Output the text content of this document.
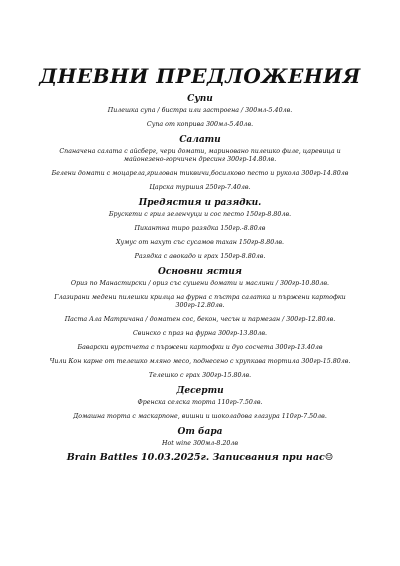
ДНЕВНИ ПРЕДЛОЖЕНИЯ
Супи
Пилешка супа / бистра или застроена / 300мл-5.40лв.
Супа от коприва 300мл-5.40лв.
Салати
Спаначена салата с айсберг, чери домати, мариновано пилешко филе, царевица и майонезено-горчичен дресинг 300гр-14.80лв.
Белени домати с моцарела,грилован тиквичи,босилково песто и рукола 300гр-14.80лв
Царска туршия 250гр-7.40лв.
Предястия и разядки.
Брускети с грил зеленчуци и сос песто 150гр-8.80лв.
Пикантна тиро разядка 150гр.-8.80лв
Хумус от нахут със сусамов тахан 150гр-8.80лв.
Разядка с авокадо и грах 150гр-8.80лв.
Основни ястия
Ориз по Манастирски / ориз със сушени домати и маслини / 300гр-10.80лв.
Глазирани медени пилешки крилца на фурна с пъстра салатка и пържени картофки 300гр-12.80лв.
Паста Ала Матричана / доматен сос, бекон, чесън и пармезан / 300гр-12.80лв.
Свинско с праз на фурна 300гр-13.80лв.
Баварски вурстчета с пържени картофки и дуо сосчета 300гр-13.40лв
Чили Кон карне от телешко мляно месо, поднесено с хрупкава тортила 300гр-15.80лв.
Телешко с грах 300гр-15.80лв.
Десерти
Френска селска торта 110гр-7.50лв.
Домашна торта с маскарпоне, вишни и шоколадова глазура 110гр-7.50лв.
От бара
Hot wine 300мл-8.20лв
Brain Battles 10.03.2025г. Записвания при нас☺
